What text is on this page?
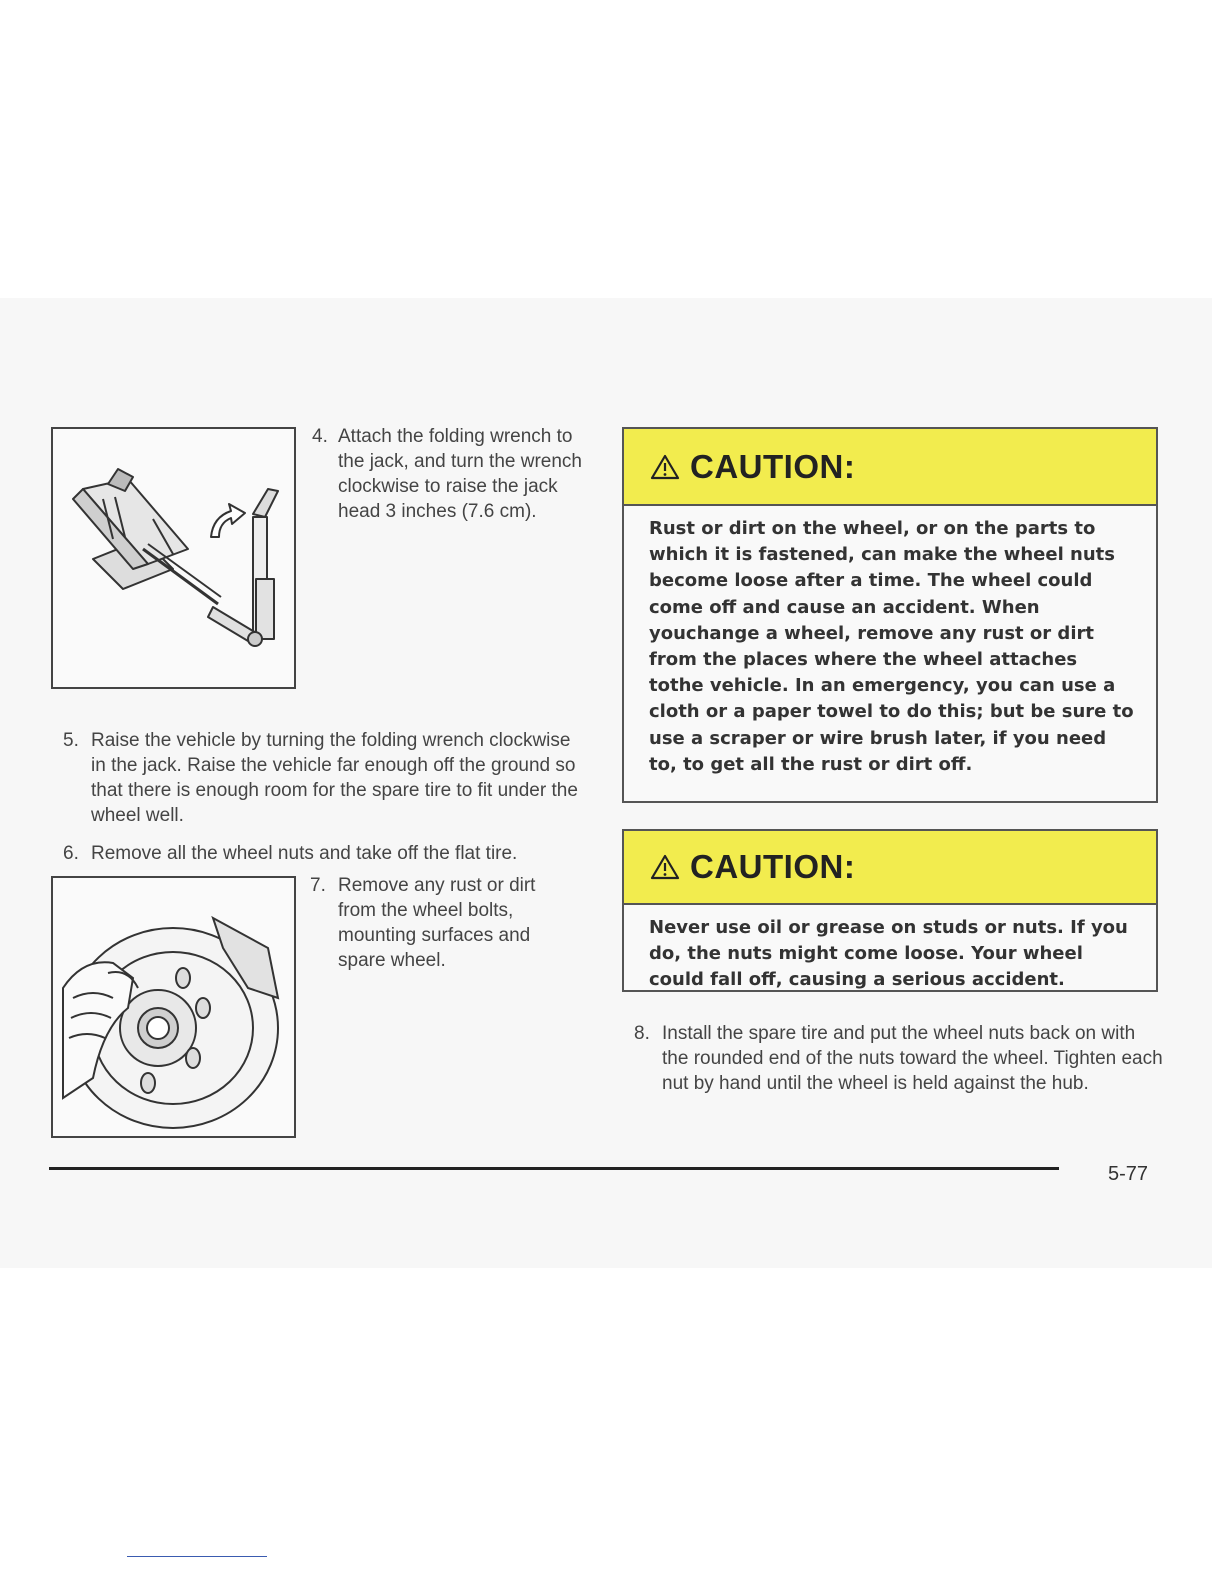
4. Attach the folding wrench to the jack, and turn the wrench clockwise to raise the jack head 3 inches (7.6 cm).
5. Raise the vehicle by turning the folding wrench clockwise in the jack. Raise the vehicle far enough off the ground so that there is enough room for the spare tire to fit under the wheel well.
6. Remove all the wheel nuts and take off the flat tire.
7. Remove any rust or dirt from the wheel bolts, mounting surfaces and spare wheel.
CAUTION:
Rust or dirt on the wheel, or on the parts to which it is fastened, can make the wheel nuts become loose after a time. The wheel could come off and cause an accident. When youchange a wheel, remove any rust or dirt from the places where the wheel attaches tothe vehicle. In an emergency, you can use a cloth or a paper towel to do this; but be sure to use a scraper or wire brush later, if you need to, to get all the rust or dirt off.
CAUTION:
Never use oil or grease on studs or nuts. If you do, the nuts might come loose. Your wheel could fall off, causing a serious accident.
8. Install the spare tire and put the wheel nuts back on with the rounded end of the nuts toward the wheel. Tighten each nut by hand until the wheel is held against the hub.
5-77
